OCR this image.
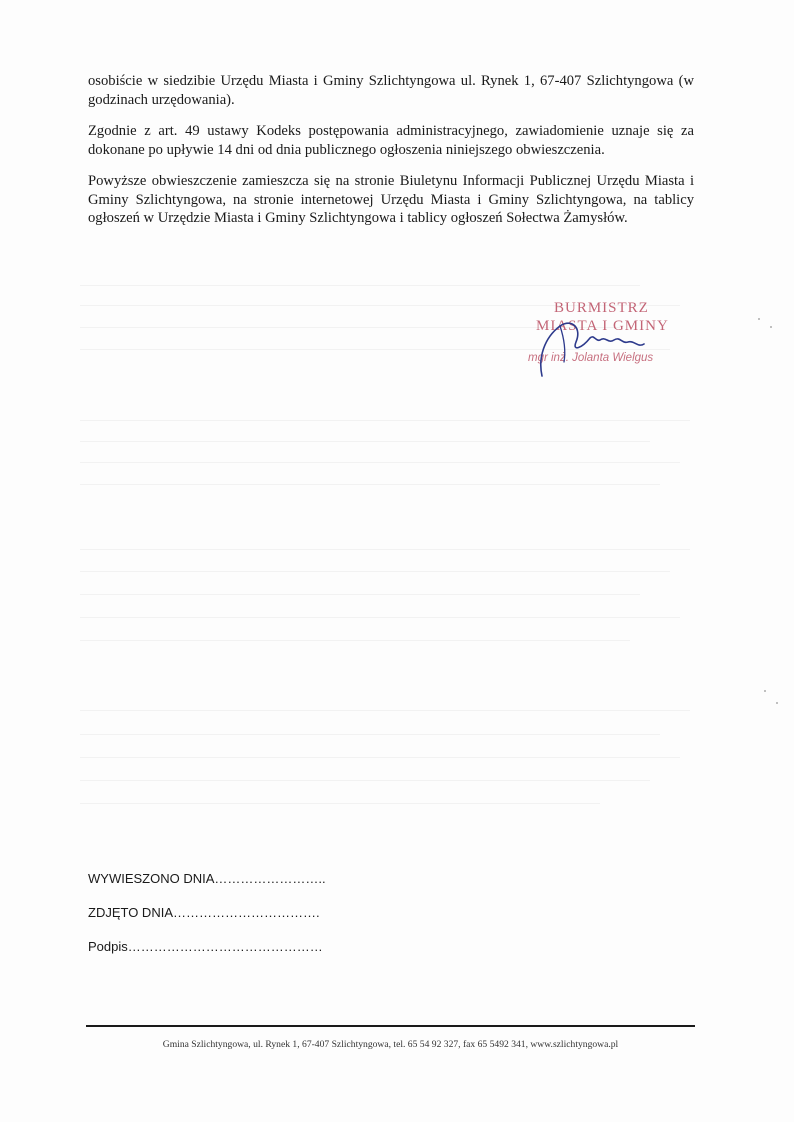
osobiście w siedzibie Urzędu Miasta i Gminy Szlichtyngowa ul. Rynek 1, 67-407 Szlichtyngowa (w godzinach urzędowania).

Zgodnie z art. 49 ustawy Kodeks postępowania administracyjnego, zawiadomienie uznaje się za dokonane po upływie 14 dni od dnia publicznego ogłoszenia niniejszego obwieszczenia.

Powyższe obwieszczenie zamieszcza się na stronie Biuletynu Informacji Publicznej Urzędu Miasta i Gminy Szlichtyngowa, na stronie internetowej Urzędu Miasta i Gminy Szlichtyngowa, na tablicy ogłoszeń w Urzędzie Miasta i Gminy Szlichtyngowa i tablicy ogłoszeń Sołectwa Żamysłów.

BURMISTRZ
MIASTA I GMINY
mgr inż. Jolanta Wielgus
WYWIESZONO DNIA……………………..
ZDJĘTO DNIA…………………………….
Podpis………………………………………
Gmina Szlichtyngowa, ul. Rynek 1, 67-407 Szlichtyngowa, tel. 65 54 92 327, fax 65 5492 341, www.szlichtyngowa.pl
